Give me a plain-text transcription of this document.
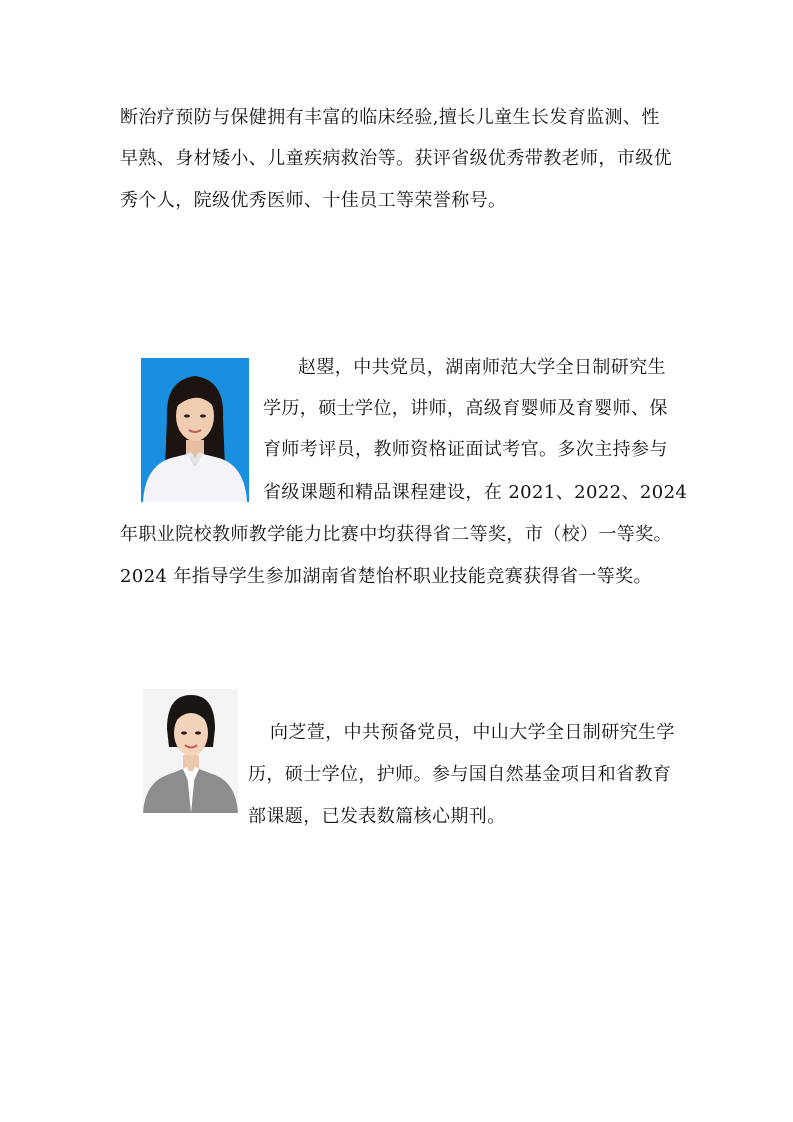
断治疗预防与保健拥有丰富的临床经验,擅长儿童生长发育监测、性
早熟、身材矮小、儿童疾病救治等。获评省级优秀带教老师，市级优
秀个人，院级优秀医师、十佳员工等荣誉称号。
赵曌，中共党员，湖南师范大学全日制研究生
学历，硕士学位，讲师，高级育婴师及育婴师、保
育师考评员，教师资格证面试考官。多次主持参与
省级课题和精品课程建设，在 2021、2022、2024
年职业院校教师教学能力比赛中均获得省二等奖，市（校）一等奖。
2024 年指导学生参加湖南省楚怡杯职业技能竞赛获得省一等奖。
向芝萱，中共预备党员，中山大学全日制研究生学
历，硕士学位，护师。参与国自然基金项目和省教育
部课题，已发表数篇核心期刊。
